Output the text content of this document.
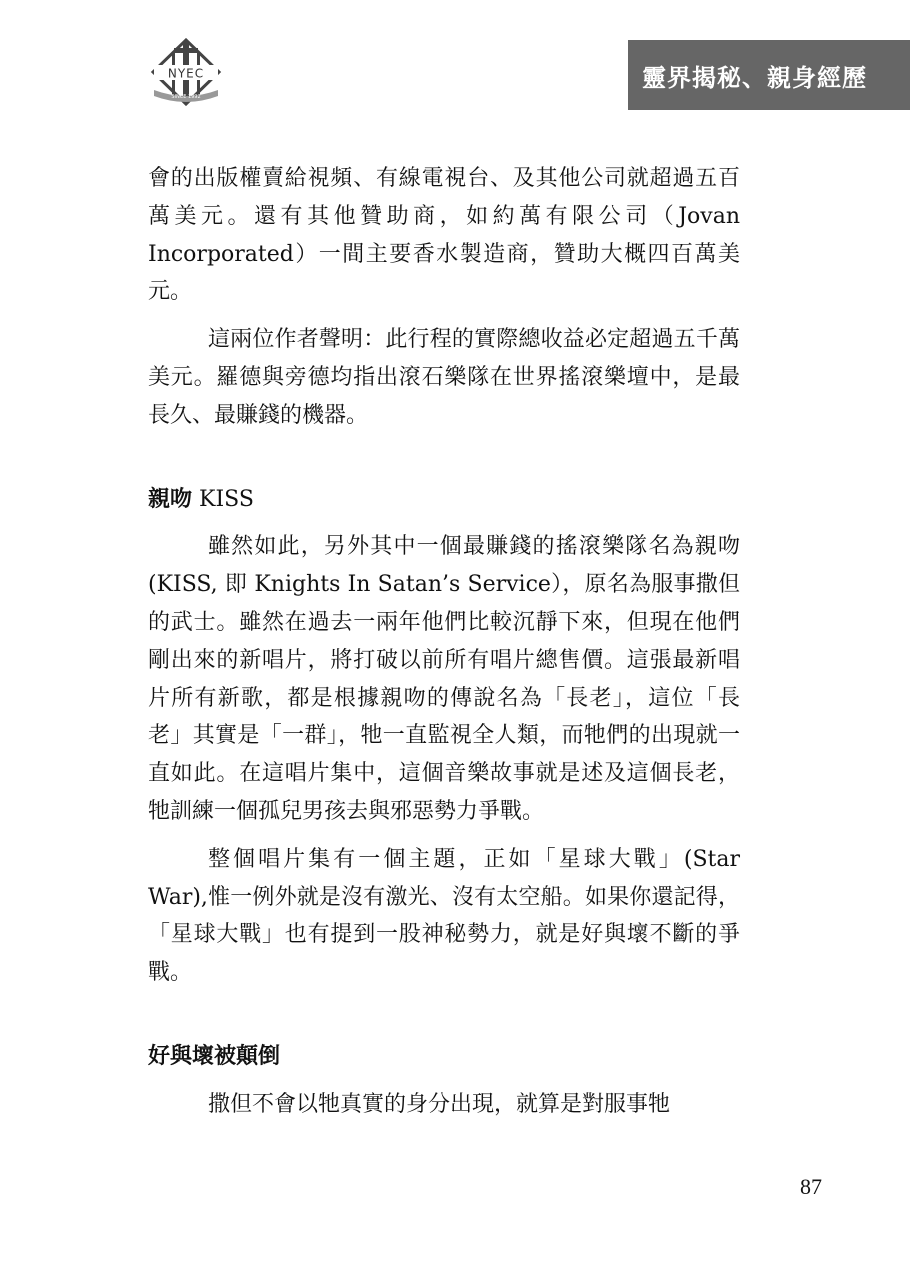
NYEC
SINCE 1992
靈界揭秘、親身經歷

會的出版權賣給視頻、有線電視台、及其他公司就超過五百萬美元。還有其他贊助商，如約萬有限公司（Jovan Incorporated）一間主要香水製造商，贊助大概四百萬美元。

這兩位作者聲明：此行程的實際總收益必定超過五千萬美元。羅德與旁德均指出滾石樂隊在世界搖滾樂壇中，是最長久、最賺錢的機器。

親吻 KISS

雖然如此，另外其中一個最賺錢的搖滾樂隊名為親吻(KISS, 即 Knights In Satan’s Service），原名為服事撒但的武士。雖然在過去一兩年他們比較沉靜下來，但現在他們剛出來的新唱片，將打破以前所有唱片總售價。這張最新唱片所有新歌，都是根據親吻的傳說名為「長老」，這位「長老」其實是「一群」，牠一直監視全人類，而牠們的出現就一直如此。在這唱片集中，這個音樂故事就是述及這個長老，牠訓練一個孤兒男孩去與邪惡勢力爭戰。

整個唱片集有一個主題，正如「星球大戰」(Star War),惟一例外就是沒有激光、沒有太空船。如果你還記得，「星球大戰」也有提到一股神秘勢力，就是好與壞不斷的爭戰。

好與壞被顛倒

撒但不會以牠真實的身分出現，就算是對服事牠

87
